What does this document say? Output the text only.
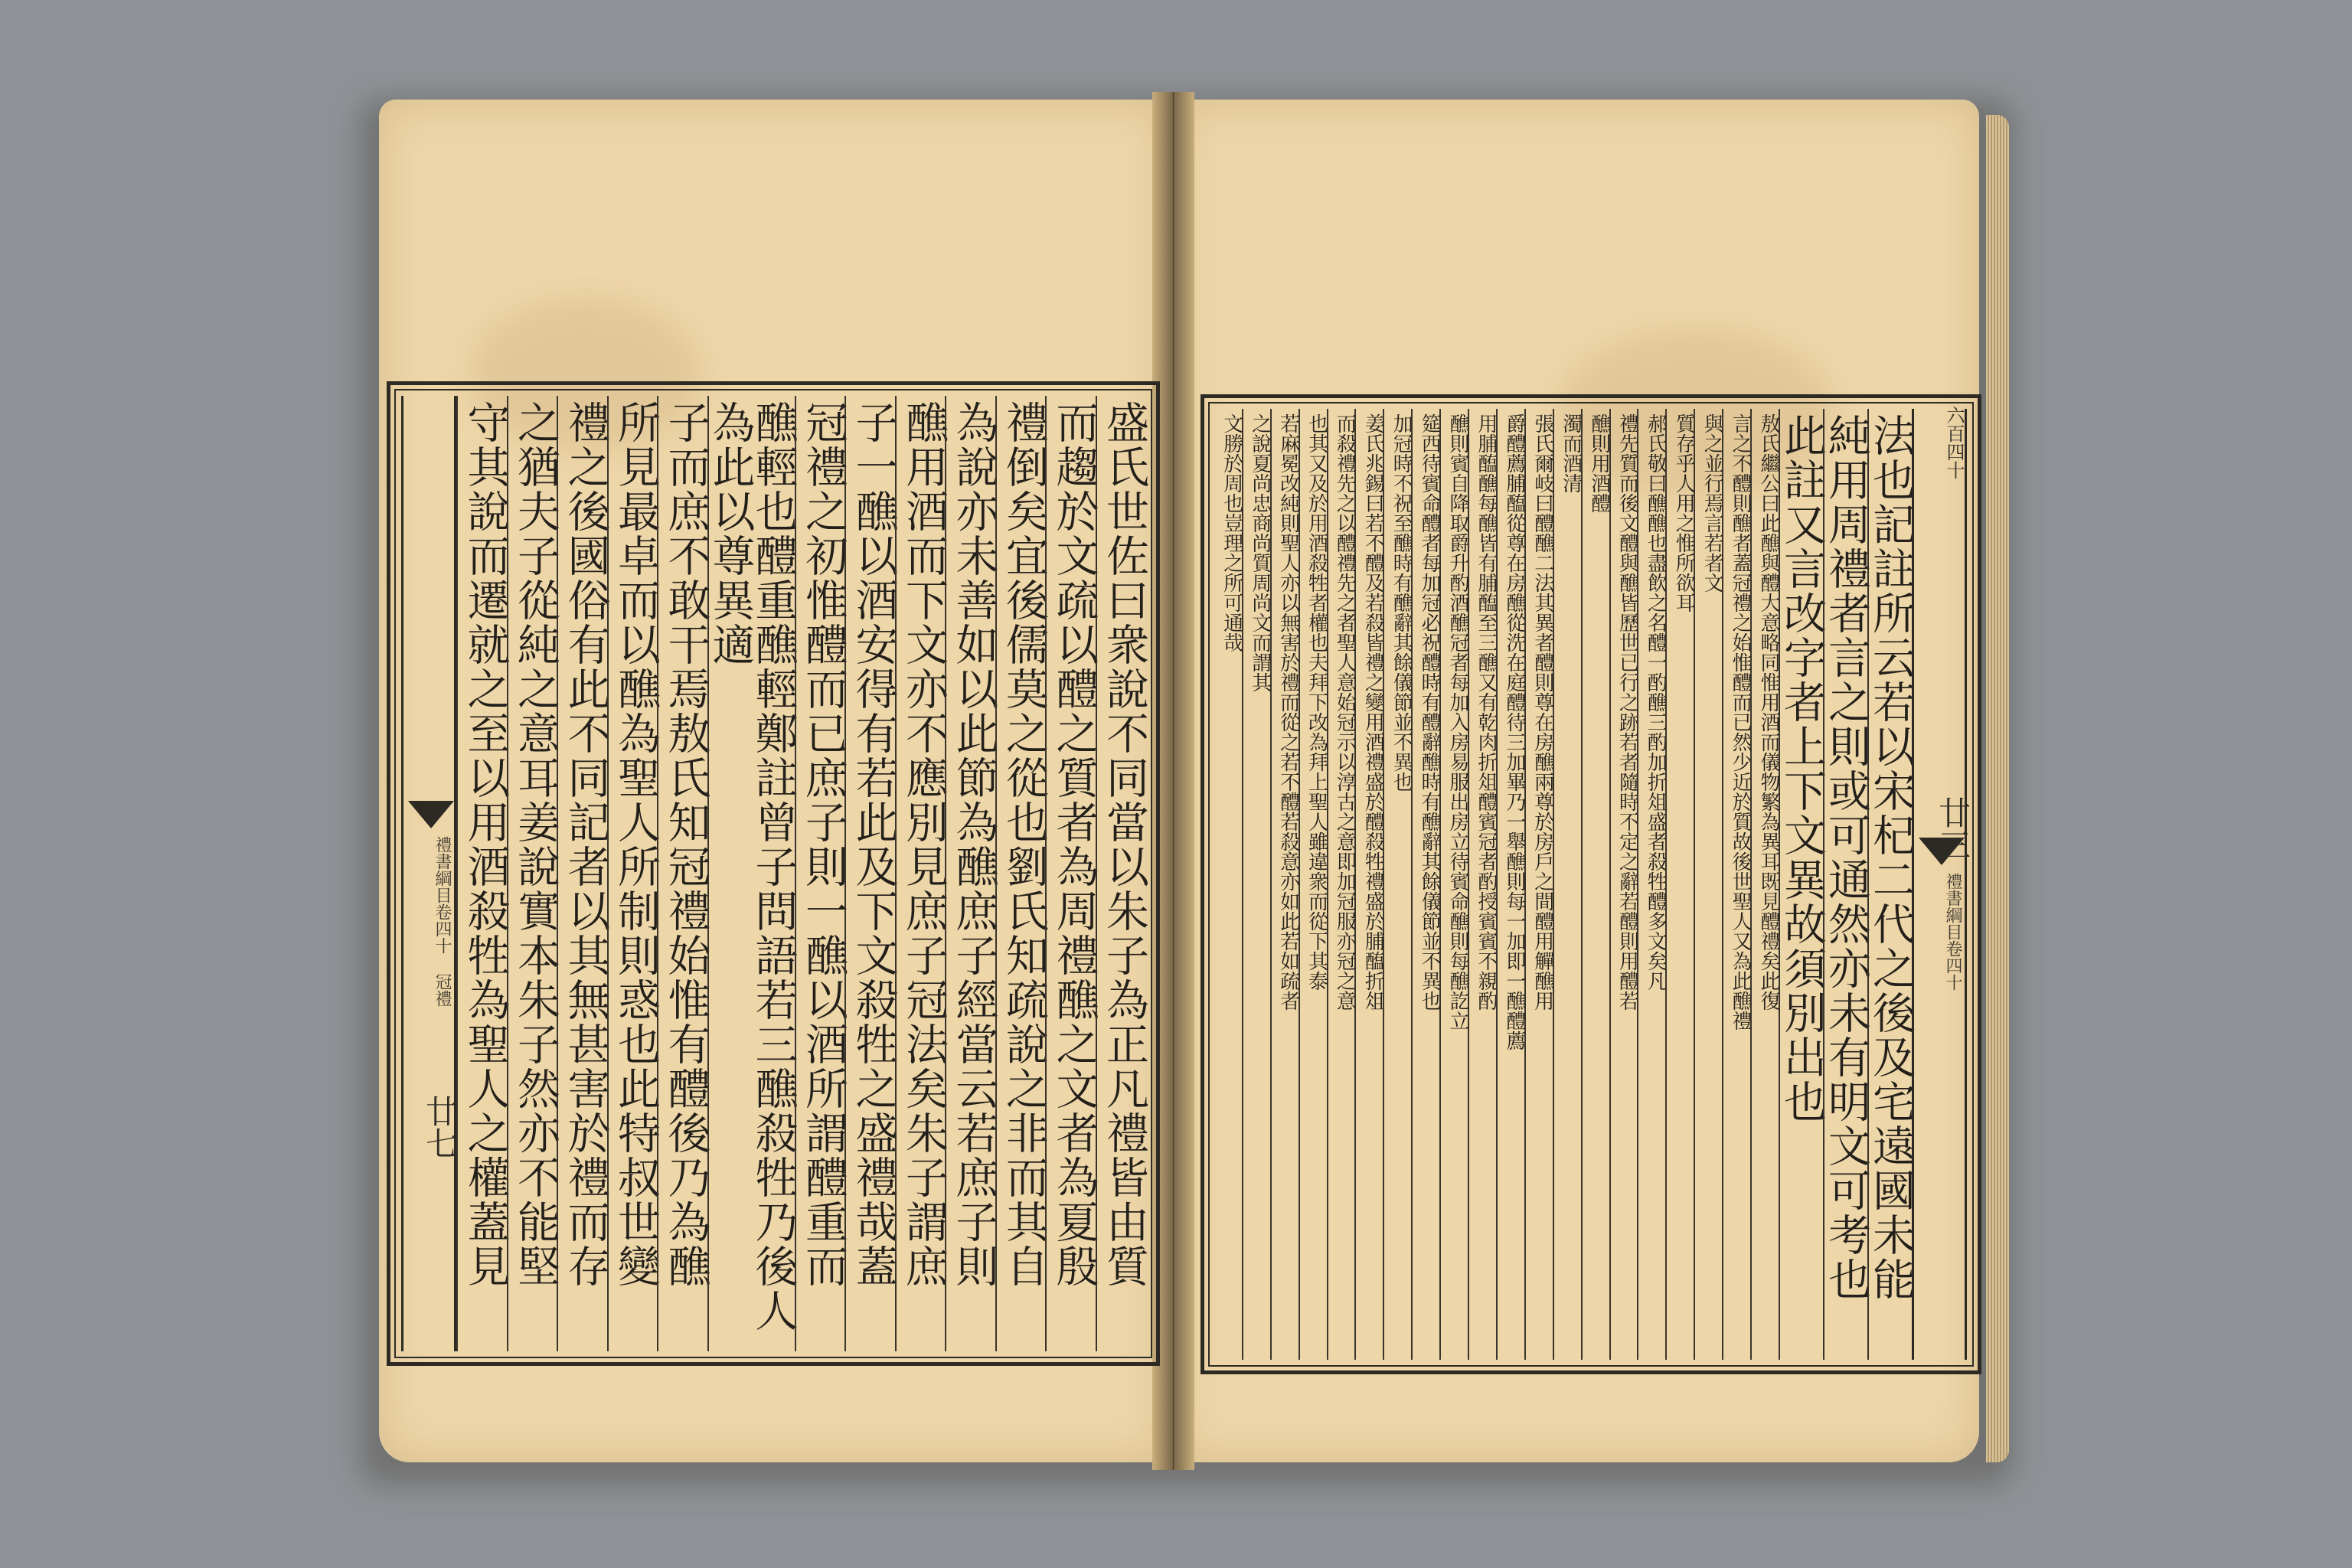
盛氏世佐曰衆說不同當以朱子為正凡禮皆由質
而趨於文疏以醴之質者為周禮醮之文者為夏殷
禮倒矣宜後儒莫之從也劉氏知疏說之非而其自
為說亦未善如以此節為醮庶子經當云若庶子則
醮用酒而下文亦不應別見庶子冠法矣朱子謂庶
子一醮以酒安得有若此及下文殺牲之盛禮哉蓋
冠禮之初惟醴而已庶子則一醮以酒所謂醴重而
醮輕也醴重醮輕鄭註曾子問語若三醮殺牲乃後人為此以尊異適
子而庶不敢干焉敖氏知冠禮始惟有醴後乃為醮
所見最卓而以醮為聖人所制則惑也此特叔世變
禮之後國俗有此不同記者以其無甚害於禮而存
之猶夫子從純之意耳姜說實本朱子然亦不能堅
守其說而遷就之至以用酒殺牲為聖人之權蓋見
禮書綱目卷四十 冠禮	禮書綱目卷四十
法也記註所云若以宋杞二代之後及宅遠國未能
純用周禮者言之則或可通然亦未有明文可考也
此註又言改字者上下文異故須別出也
敖氏繼公曰此醮與醴大意略同惟用酒而儀物繁為異耳既見醴禮矣此復
言之不醴則醮者蓋冠禮之始惟醴而已然少近於質故後世聖人又為此醮禮
與之並行焉言若者文
質存乎人用之惟所欲耳
郝氏敬曰醮醮也盡飲之名醴一酌醮三酌加折俎盛者殺牲醴多文矣凡
禮先質而後文醴與醮皆歷世已行之跡若者隨時不定之辭若醴則用醴若
醮則用酒醴
濁而酒清
張氏爾岐曰醴醮二法其異者醴則尊在房醮兩尊於房戶之間醴用觶醮用
爵醴薦脯醢從尊在房醮從洗在庭醴待三加畢乃一舉醮則每一加即一醮醴薦
用脯醢醮每醮皆有脯醢至三醮又有乾肉折俎醴賓冠者酌授賓賓不親酌
醮則賓自降取爵升酌酒醮冠者每加入房易服出房立待賓命醮則每醮訖立
筵西待賓命醴者每加冠必祝醴時有醴辭醮時有醮辭其餘儀節並不異也
加冠時不祝至醮時有醮辭其餘儀節並不異也
姜氏兆錫曰若不醴及若殺皆禮之變用酒禮盛於醴殺牲禮盛於脯醢折俎
而殺禮先之以醴禮先之者聖人意始冠示以淳古之意即加冠服亦冠之意
也其又及於用酒殺牲者權也夫拜下改為拜上聖人雖違衆而從下其泰
若麻冕改純則聖人亦以無害於禮而從之若不醴若殺意亦如此若如疏者
之說夏尚忠商尚質周尚文而謂其
文勝於周也豈理之所可通哉
廿七
廿三
六百四十
